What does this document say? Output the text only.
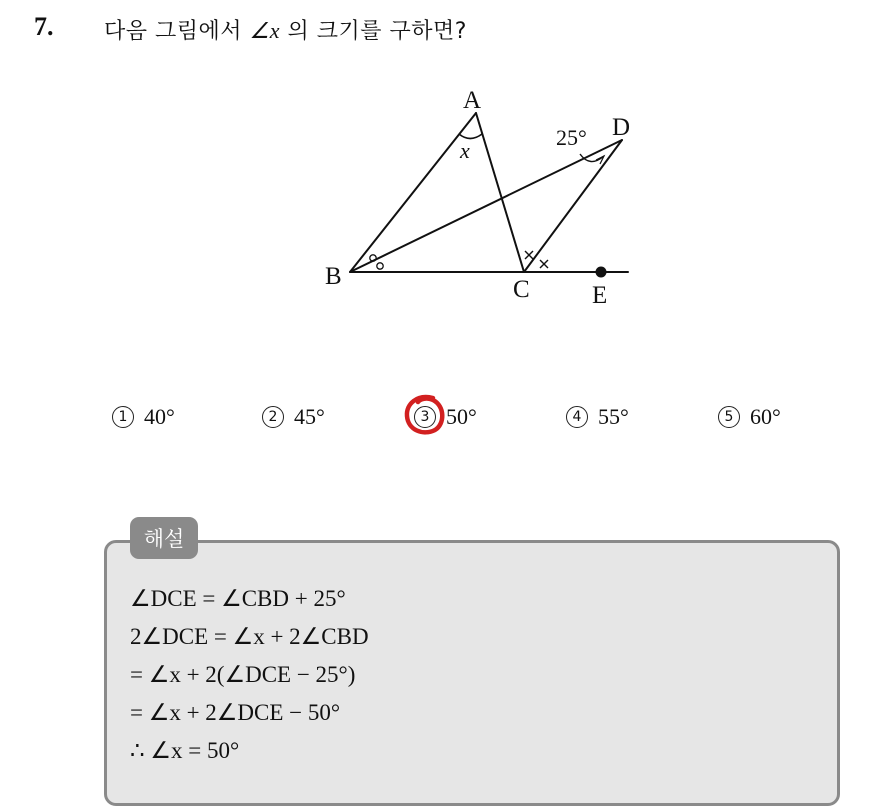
7. 다음 그림에서 ∠x 의 크기를 구하면?
A
B	C
D
E
25°
x
1 40°	2 45°	3 50°	4 55°	5 60°
해설
∠DCE = ∠CBD + 25°
2∠DCE = ∠x + 2∠CBD
= ∠x + 2(∠DCE − 25°)
= ∠x + 2∠DCE − 50°
∴ ∠x = 50°
